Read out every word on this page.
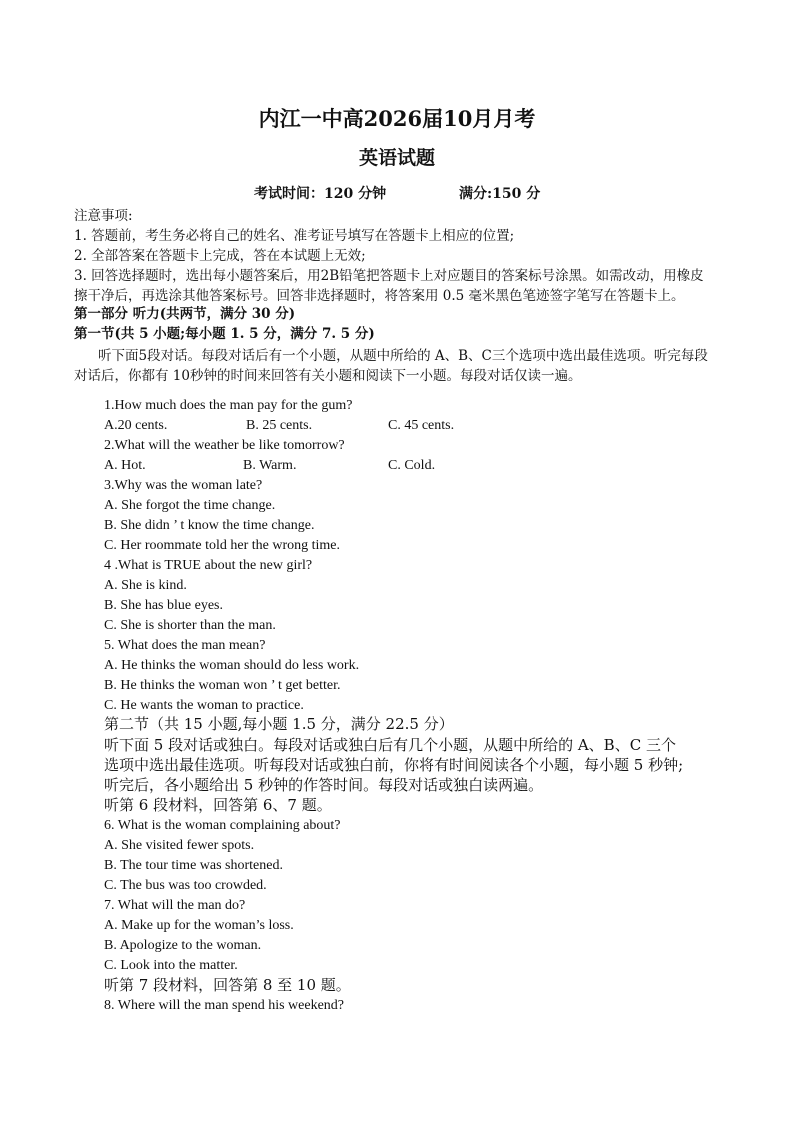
内江一中高2026届10月月考
英语试题
考试时间：120 分钟	满分:150 分
注意事项:
1. 答题前，考生务必将自己的姓名、准考证号填写在答题卡上相应的位置;
2. 全部答案在答题卡上完成，答在本试题上无效;
3. 回答选择题时，选出每小题答案后，用2B铅笔把答题卡上对应题目的答案标号涂黑。如需改动，用橡皮
擦干净后，再选涂其他答案标号。回答非选择题时，将答案用 0.5 毫米黑色笔迹签字笔写在答题卡上。
第一部分 听力(共两节，满分 30 分)
第一节(共 5 小题;每小题 1. 5 分，满分 7. 5 分)
听下面5段对话。每段对话后有一个小题，从题中所给的 A、B、C三个选项中选出最佳选项。听完每段
对话后，你都有 10秒钟的时间来回答有关小题和阅读下一小题。每段对话仅读一遍。
1.How much does the man pay for the gum?
A.20 cents.	B. 25 cents.	C. 45 cents.
2.What will the weather be like tomorrow?
A. Hot.	B. Warm.	C. Cold.
3.Why was the woman late?
A. She forgot the time change.
B. She didn ’ t know the time change.
C. Her roommate told her the wrong time.
4 .What is TRUE about the new girl?
A. She is kind.
B. She has blue eyes.
C. She is shorter than the man.
5. What does the man mean?
A. He thinks the woman should do less work.
B. He thinks the woman won ’ t get better.
C. He wants the woman to practice.
第二节（共 15 小题,每小题 1.5 分，满分 22.5 分）
听下面 5 段对话或独白。每段对话或独白后有几个小题，从题中所给的 A、B、C 三个
选项中选出最佳选项。听每段对话或独白前，你将有时间阅读各个小题，每小题 5 秒钟;
听完后，各小题给出 5 秒钟的作答时间。每段对话或独白读两遍。
听第 6 段材料，回答第 6、7 题。
6. What is the woman complaining about?
A. She visited fewer spots.
B. The tour time was shortened.
C. The bus was too crowded.
7. What will the man do?
A. Make up for the woman’s loss.
B. Apologize to the woman.
C. Look into the matter.
听第 7 段材料，回答第 8 至 10 题。
8. Where will the man spend his weekend?
